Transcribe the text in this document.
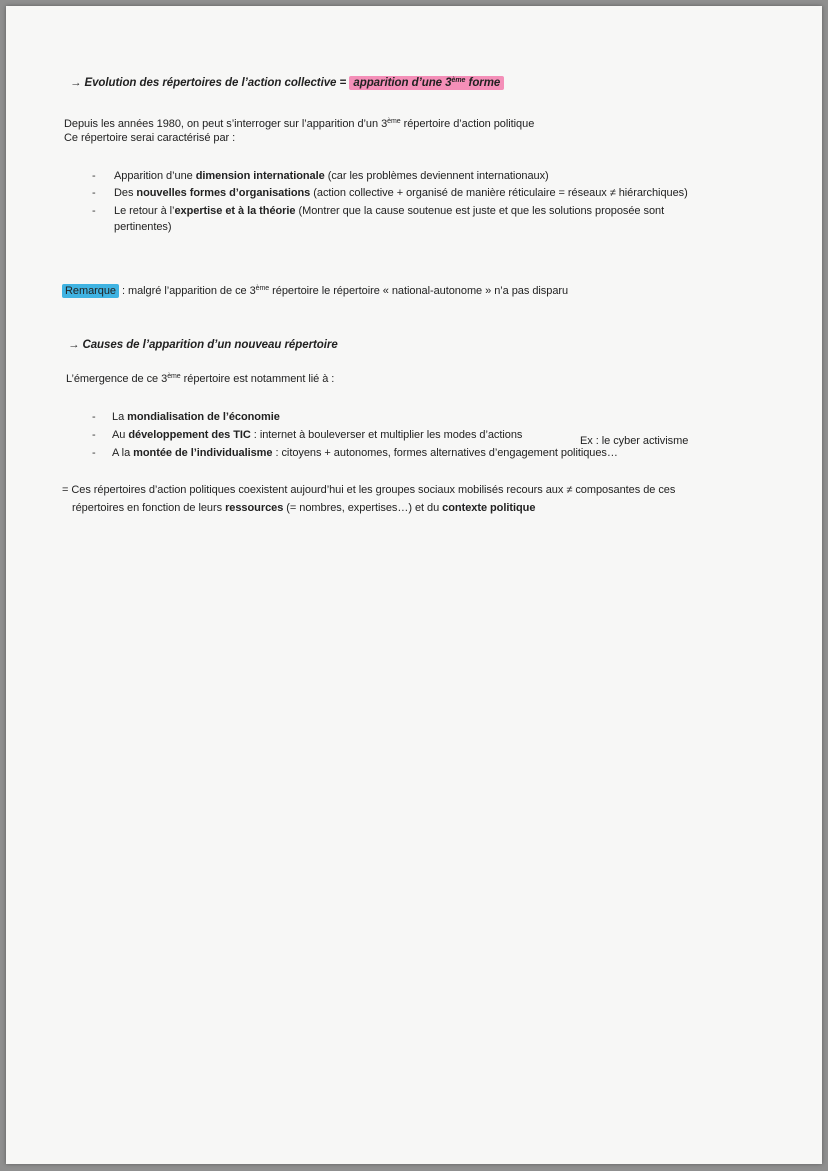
→ Evolution des répertoires de l’action collective = apparition d’une 3ème forme
Depuis les années 1980, on peut s’interroger sur l’apparition d’un 3ème répertoire d’action politique
Ce répertoire serai caractérisé par :
- Apparition d’une dimension internationale (car les problèmes deviennent internationaux)
- Des nouvelles formes d’organisations (action collective + organisé de manière réticulaire = réseaux ≠ hiérarchiques)
- Le retour à l’expertise et à la théorie (Montrer que la cause soutenue est juste et que les solutions proposée sont
pertinentes)
Remarque : malgré l’apparition de ce 3ème répertoire le répertoire « national-autonome » n’a pas disparu
→ Causes de l’apparition d’un nouveau répertoire
L’émergence de ce 3ème répertoire est notamment lié à :
- La mondialisation de l’économie
- Au développement des TIC : internet à bouleverser et multiplier les modes d’actions	Ex : le cyber activisme
- A la montée de l’individualisme : citoyens + autonomes, formes alternatives d’engagement politiques…
= Ces répertoires d’action politiques coexistent aujourd’hui et les groupes sociaux mobilisés recours aux ≠ composantes de ces
répertoires en fonction de leurs ressources (= nombres, expertises…) et du contexte politique
